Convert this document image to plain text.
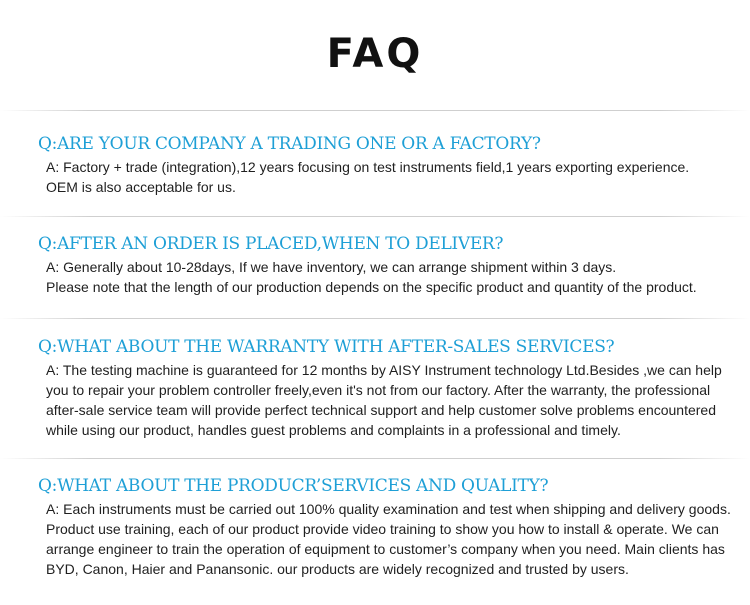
FAQ
Q:ARE YOUR COMPANY A TRADING ONE OR A FACTORY?
A: Factory + trade (integration),12 years focusing on test instruments field,1 years exporting experience.
OEM is also acceptable for us.
Q:AFTER AN ORDER IS PLACED,WHEN TO DELIVER?
A: Generally about 10-28days, If we have inventory, we can arrange shipment within 3 days.
Please note that the length of our production depends on the specific product and quantity of the product.
Q:WHAT ABOUT THE WARRANTY WITH AFTER-SALES SERVICES?
A: The testing machine is guaranteed for 12 months by AISY Instrument technology Ltd.Besides ,we can help
you to repair your problem controller freely,even it's not from our factory. After the warranty, the professional
after-sale service team will provide perfect technical support and help customer solve problems encountered
while using our product, handles guest problems and complaints in a professional and timely.
Q:WHAT ABOUT THE PRODUCR’SERVICES AND QUALITY?
A: Each instruments must be carried out 100% quality examination and test when shipping and delivery goods.
Product use training, each of our product provide video training to show you how to install & operate. We can
arrange engineer to train the operation of equipment to customer’s company when you need. Main clients has
BYD, Canon, Haier and Panansonic. our products are widely recognized and trusted by users.
